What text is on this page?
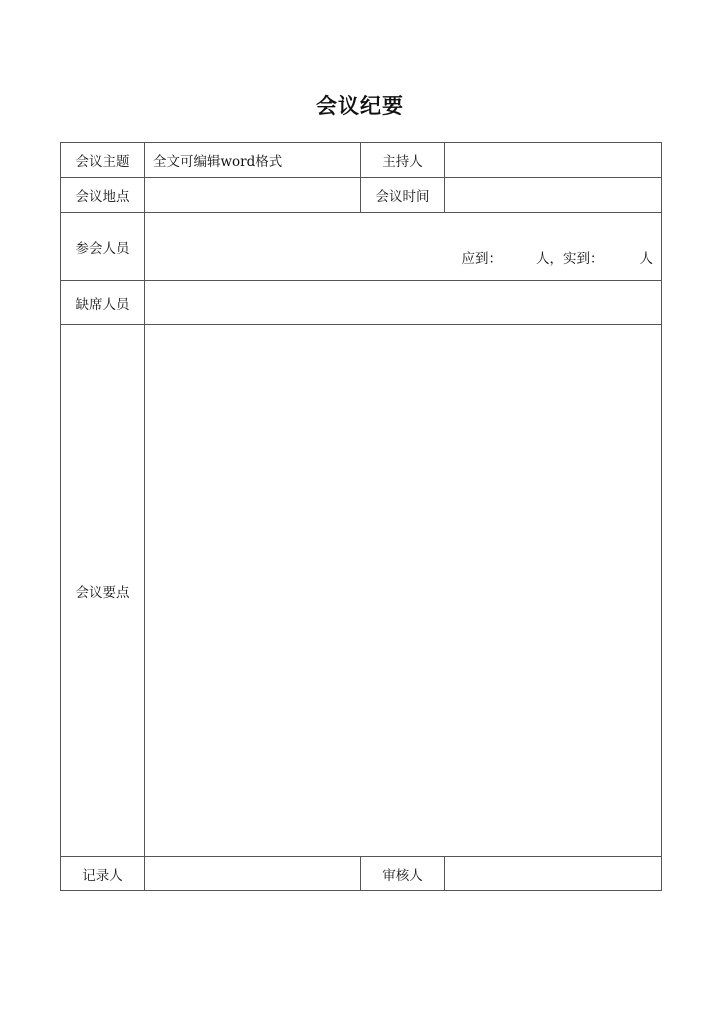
会议纪要
会议主题	全文可编辑word格式	主持人	
会议地点		会议时间	
参会人员	应到： 人，实到： 人		

缺席人员			
会议要点			
记录人		审核人	
